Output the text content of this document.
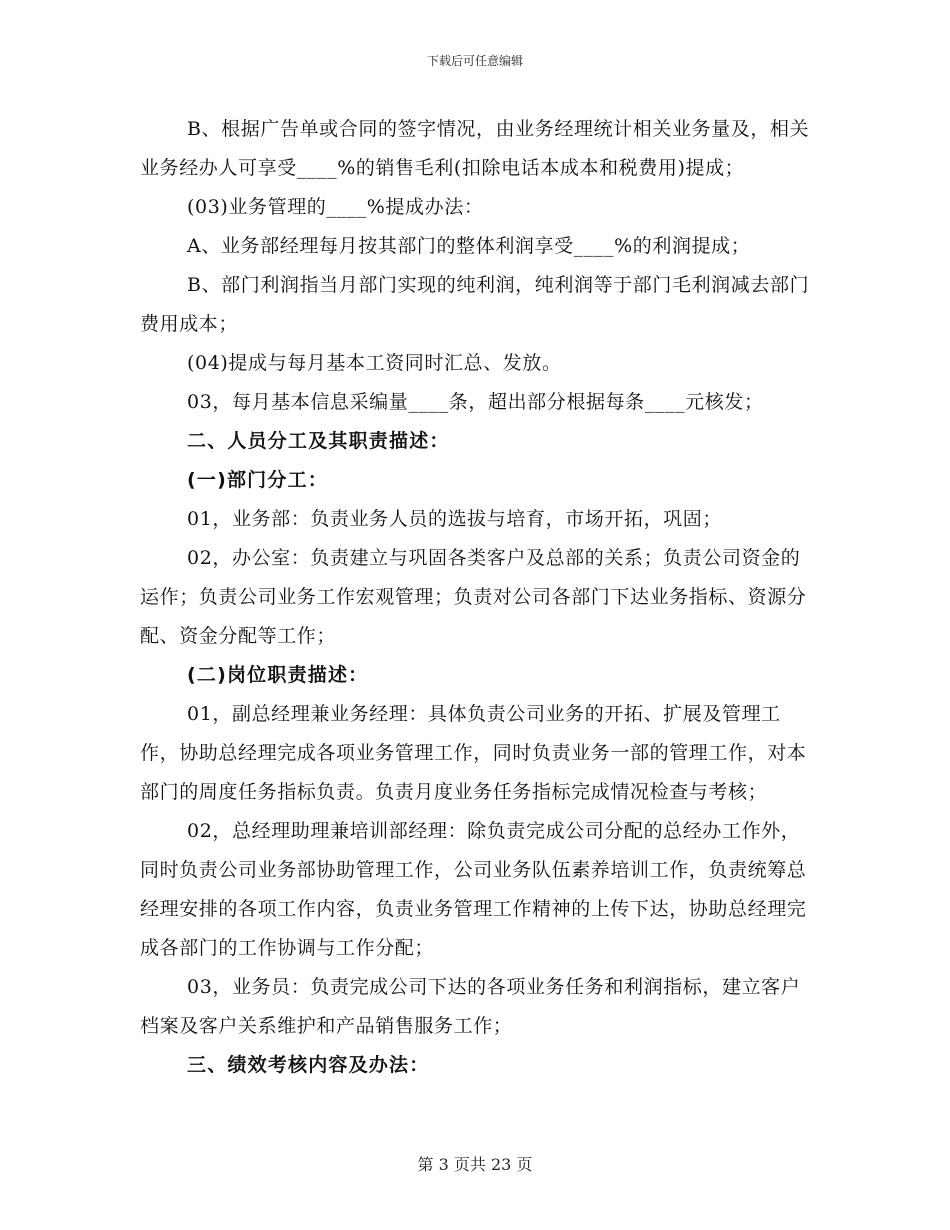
下载后可任意编辑

B、根据广告单或合同的签字情况，由业务经理统计相关业务量及，相关业务经办人可享受____%的销售毛利(扣除电话本成本和税费用)提成；

(03)业务管理的____%提成办法：

A、业务部经理每月按其部门的整体利润享受____%的利润提成；

B、部门利润指当月部门实现的纯利润，纯利润等于部门毛利润减去部门费用成本；

(04)提成与每月基本工资同时汇总、发放。

03，每月基本信息采编量____条，超出部分根据每条____元核发；

二、人员分工及其职责描述：

(一)部门分工：

01，业务部：负责业务人员的选拔与培育，市场开拓，巩固；

02，办公室：负责建立与巩固各类客户及总部的关系；负责公司资金的运作；负责公司业务工作宏观管理；负责对公司各部门下达业务指标、资源分配、资金分配等工作；

(二)岗位职责描述：

01，副总经理兼业务经理：具体负责公司业务的开拓、扩展及管理工作，协助总经理完成各项业务管理工作，同时负责业务一部的管理工作，对本部门的周度任务指标负责。负责月度业务任务指标完成情况检查与考核；

02，总经理助理兼培训部经理：除负责完成公司分配的总经办工作外，同时负责公司业务部协助管理工作，公司业务队伍素养培训工作，负责统筹总经理安排的各项工作内容，负责业务管理工作精神的上传下达，协助总经理完成各部门的工作协调与工作分配；

03，业务员：负责完成公司下达的各项业务任务和利润指标，建立客户档案及客户关系维护和产品销售服务工作；

三、绩效考核内容及办法：

第 3 页共 23 页
